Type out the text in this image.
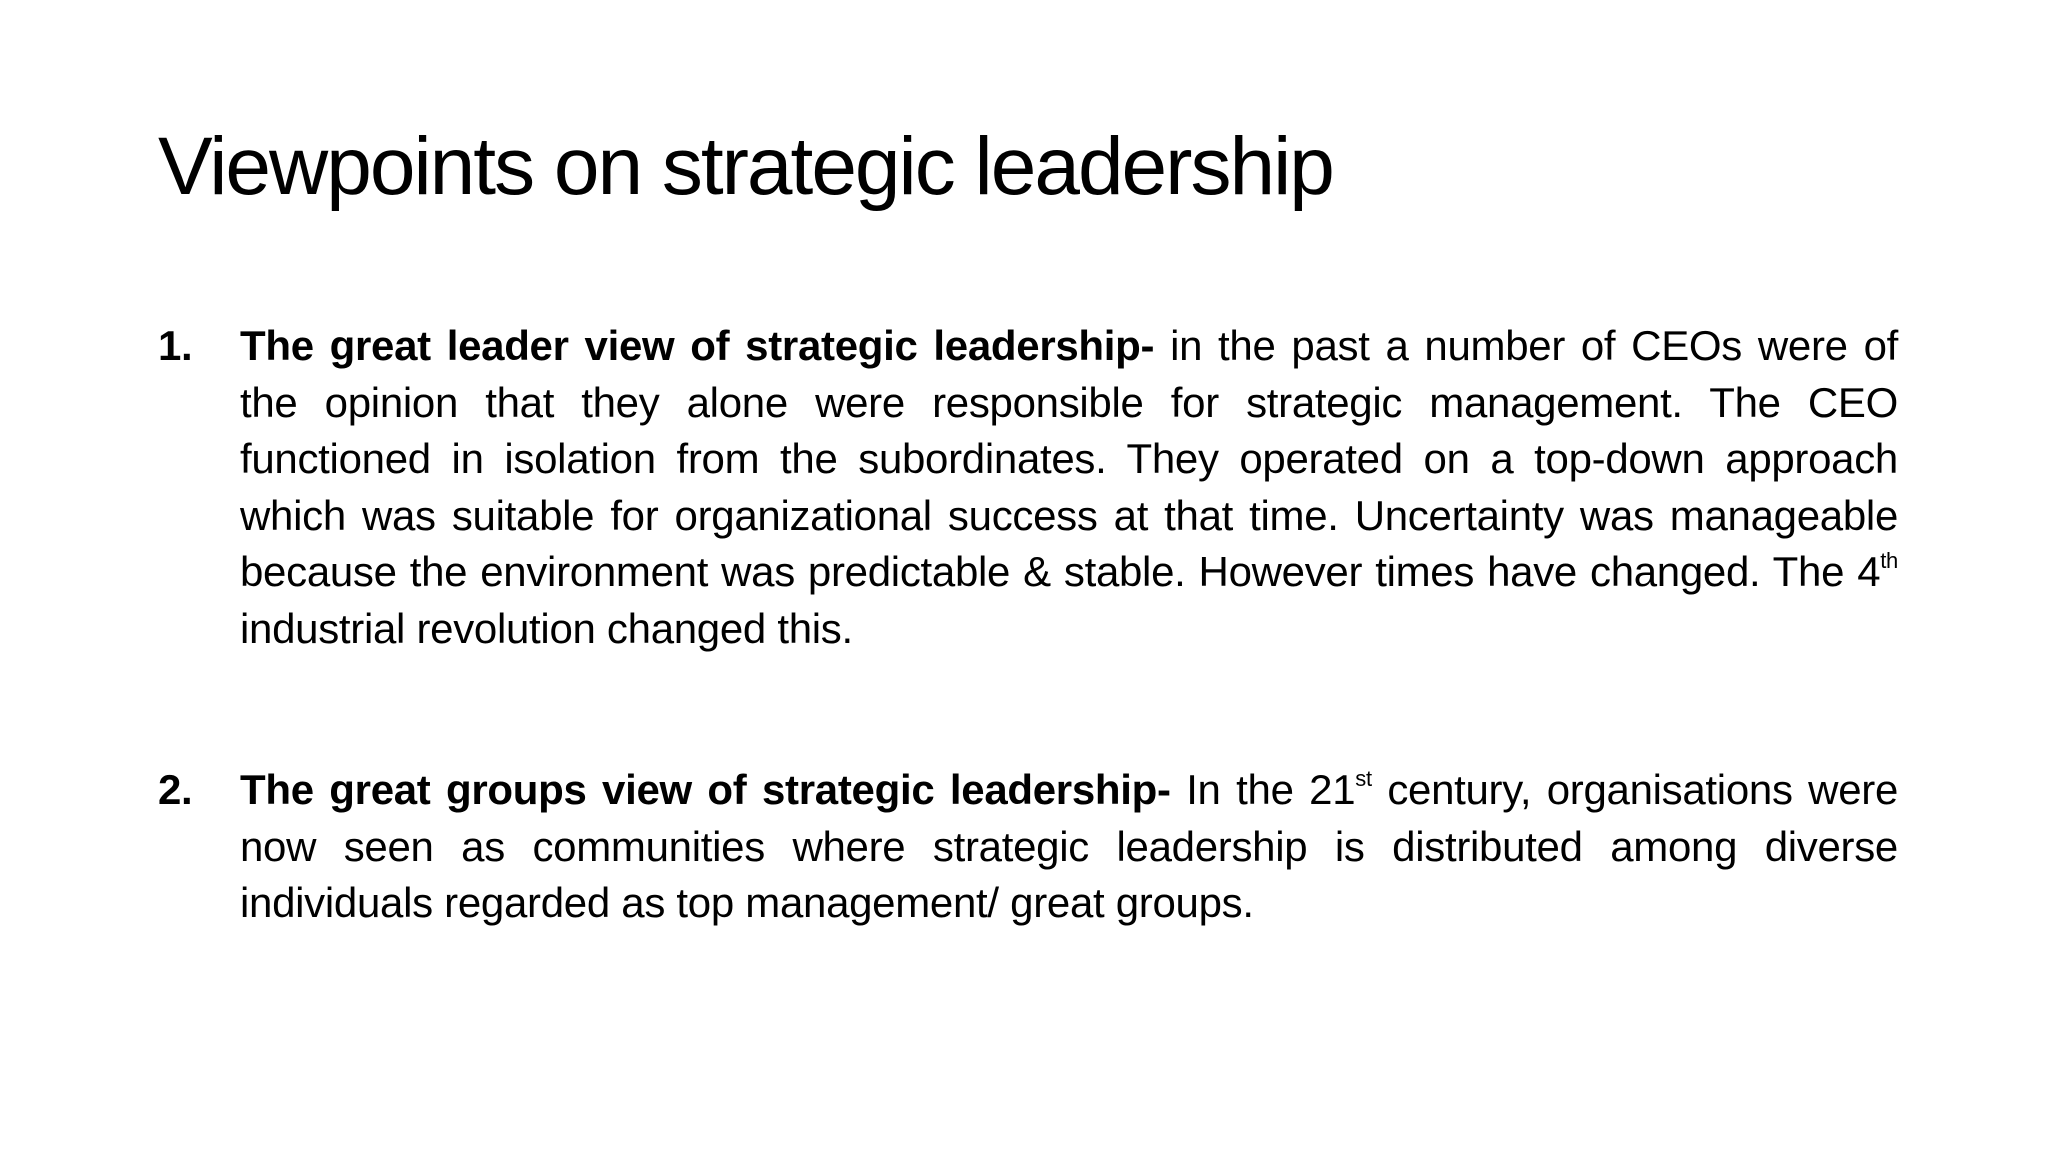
Viewpoints on strategic leadership
1. The great leader view of strategic leadership- in the past a number of CEOs were of the opinion that they alone were responsible for strategic management. The CEO functioned in isolation from the subordinates. They operated on a top-down approach which was suitable for organizational success at that time. Uncertainty was manageable because the environment was predictable & stable. However times have changed. The 4th industrial revolution changed this.
2. The great groups view of strategic leadership- In the 21st century, organisations were now seen as communities where strategic leadership is distributed among diverse individuals regarded as top management/ great groups.
